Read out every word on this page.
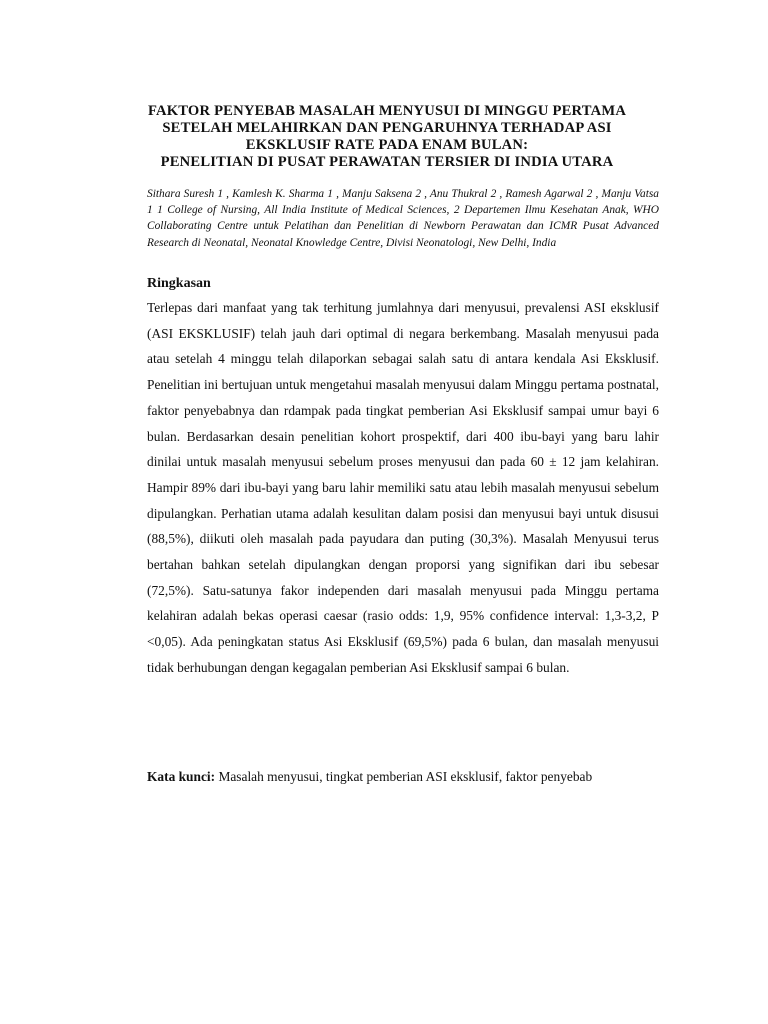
FAKTOR PENYEBAB MASALAH MENYUSUI DI MINGGU PERTAMA
SETELAH MELAHIRKAN DAN PENGARUHNYA TERHADAP ASI
EKSKLUSIF RATE PADA ENAM BULAN:
PENELITIAN DI PUSAT PERAWATAN TERSIER DI INDIA UTARA
Sithara Suresh 1 , Kamlesh K. Sharma 1 , Manju Saksena 2 , Anu Thukral 2 , Ramesh Agarwal 2 , Manju Vatsa 1 1 College of Nursing, All India Institute of Medical Sciences, 2 Departemen Ilmu Kesehatan Anak, WHO Collaborating Centre untuk Pelatihan dan Penelitian di Newborn Perawatan dan ICMR Pusat Advanced Research di Neonatal, Neonatal Knowledge Centre, Divisi Neonatologi, New Delhi, India
Ringkasan

Terlepas dari manfaat yang tak terhitung jumlahnya dari menyusui, prevalensi ASI eksklusif (ASI EKSKLUSIF) telah jauh dari optimal di negara berkembang. Masalah menyusui pada atau setelah 4 minggu telah dilaporkan sebagai salah satu di antara kendala Asi Eksklusif. Penelitian ini bertujuan untuk mengetahui masalah menyusui dalam Minggu pertama postnatal, faktor penyebabnya dan rdampak pada tingkat pemberian Asi Eksklusif sampai umur bayi 6 bulan. Berdasarkan desain penelitian kohort prospektif, dari 400 ibu-bayi yang baru lahir dinilai untuk masalah menyusui sebelum proses menyusui dan pada 60 ± 12 jam kelahiran. Hampir 89% dari ibu-bayi yang baru lahir memiliki satu atau lebih masalah menyusui sebelum dipulangkan. Perhatian utama adalah kesulitan dalam posisi dan menyusui bayi untuk disusui (88,5%), diikuti oleh masalah pada payudara dan puting (30,3%). Masalah Menyusui terus bertahan bahkan setelah dipulangkan dengan proporsi yang signifikan dari ibu sebesar (72,5%). Satu-satunya fakor independen dari masalah menyusui pada Minggu pertama kelahiran adalah bekas operasi caesar (rasio odds: 1,9, 95% confidence interval: 1,3-3,2, P <0,05). Ada peningkatan status Asi Eksklusif (69,5%) pada 6 bulan, dan masalah menyusui tidak berhubungan dengan kegagalan pemberian Asi Eksklusif sampai 6 bulan.

Kata kunci: Masalah menyusui, tingkat pemberian ASI eksklusif, faktor penyebab
